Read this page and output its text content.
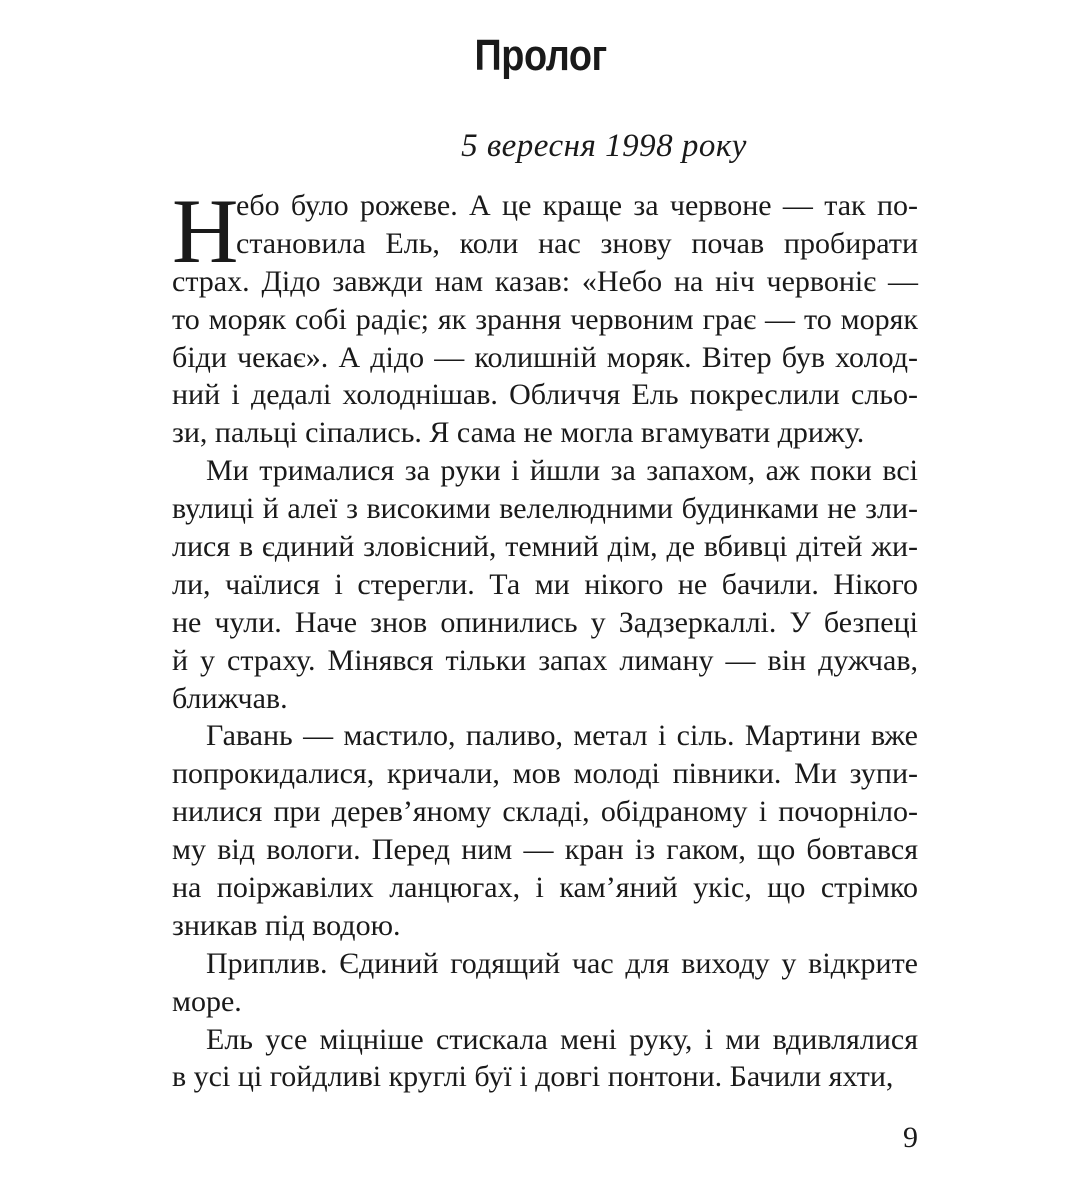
Пролог
5 вересня 1998 року
Н
ебо було рожеве. А це краще за червоне — так по-
становила Ель, коли нас знову почав пробирати
страх. Дідо завжди нам казав: «Небо на ніч червоніє —
то моряк собі радіє; як зрання червоним грає — то моряк
біди чекає». А дідо — колишній моряк. Вітер був холод-
ний і дедалі холоднішав. Обличчя Ель покреслили сльо-
зи, пальці сіпались. Я сама не могла вгамувати дрижу.
Ми трималися за руки і йшли за запахом, аж поки всі
вулиці й алеї з високими велелюдними будинками не зли-
лися в єдиний зловісний, темний дім, де вбивці дітей жи-
ли, чаїлися і стерегли. Та ми нікого не бачили. Нікого
не чули. Наче знов опинились у Задзеркаллі. У безпеці
й у страху. Мінявся тільки запах лиману — він дужчав,
ближчав.
Гавань — мастило, паливо, метал і сіль. Мартини вже
попрокидалися, кричали, мов молоді півники. Ми зупи-
нилися при дерев’яному складі, обідраному і почорніло-
му від вологи. Перед ним — кран із гаком, що бовтався
на поіржавілих ланцюгах, і кам’яний укіс, що стрімко
зникав під водою.
Приплив. Єдиний годящий час для виходу у відкрите
море.
Ель усе міцніше стискала мені руку, і ми вдивлялися
в усі ці гойдливі круглі буї і довгі понтони. Бачили яхти,
9
